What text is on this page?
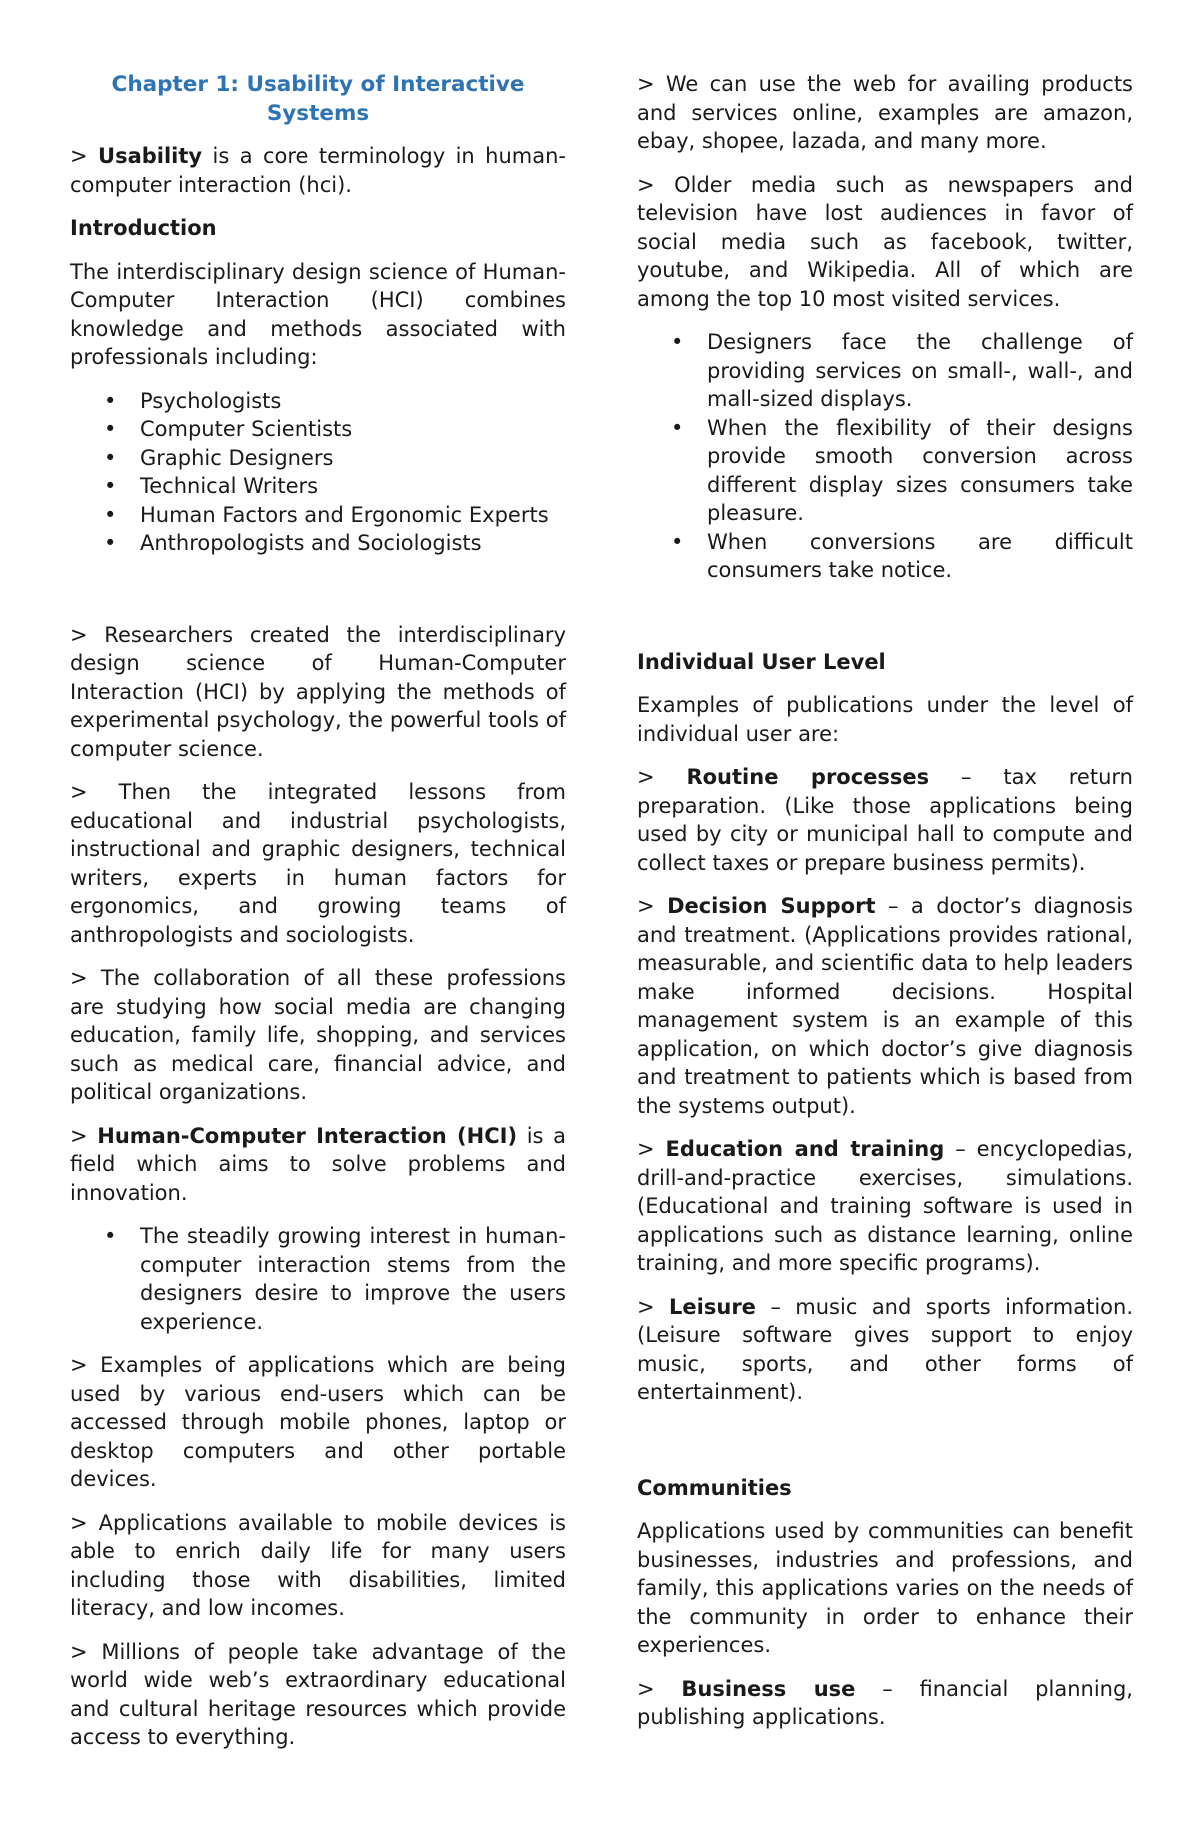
Chapter 1: Usability of Interactive Systems

> Usability is a core terminology in human-computer interaction (hci).

Introduction

The interdisciplinary design science of Human-Computer Interaction (HCI) combines knowledge and methods associated with professionals including:

• Psychologists
• Computer Scientists
• Graphic Designers
• Technical Writers
• Human Factors and Ergonomic Experts
• Anthropologists and Sociologists

> Researchers created the interdisciplinary design science of Human-Computer Interaction (HCI) by applying the methods of experimental psychology, the powerful tools of computer science.

> Then the integrated lessons from educational and industrial psychologists, instructional and graphic designers, technical writers, experts in human factors for ergonomics, and growing teams of anthropologists and sociologists.

> The collaboration of all these professions are studying how social media are changing education, family life, shopping, and services such as medical care, financial advice, and political organizations.

> Human-Computer Interaction (HCI) is a field which aims to solve problems and innovation.

• The steadily growing interest in human-computer interaction stems from the designers desire to improve the users experience.

> Examples of applications which are being used by various end-users which can be accessed through mobile phones, laptop or desktop computers and other portable devices.

> Applications available to mobile devices is able to enrich daily life for many users including those with disabilities, limited literacy, and low incomes.

> Millions of people take advantage of the world wide web’s extraordinary educational and cultural heritage resources which provide access to everything.

> We can use the web for availing products and services online, examples are amazon, ebay, shopee, lazada, and many more.

> Older media such as newspapers and television have lost audiences in favor of social media such as facebook, twitter, youtube, and Wikipedia. All of which are among the top 10 most visited services.

• Designers face the challenge of providing services on small-, wall-, and mall-sized displays.
• When the flexibility of their designs provide smooth conversion across different display sizes consumers take pleasure.
• When conversions are difficult consumers take notice.
Individual User Level

Examples of publications under the level of individual user are:

> Routine processes – tax return preparation. (Like those applications being used by city or municipal hall to compute and collect taxes or prepare business permits).

> Decision Support – a doctor’s diagnosis and treatment. (Applications provides rational, measurable, and scientific data to help leaders make informed decisions. Hospital management system is an example of this application, on which doctor’s give diagnosis and treatment to patients which is based from the systems output).

> Education and training – encyclopedias, drill-and-practice exercises, simulations. (Educational and training software is used in applications such as distance learning, online training, and more specific programs).

> Leisure – music and sports information. (Leisure software gives support to enjoy music, sports, and other forms of entertainment).

Communities

Applications used by communities can benefit businesses, industries and professions, and family, this applications varies on the needs of the community in order to enhance their experiences.

> Business use – financial planning, publishing applications.
